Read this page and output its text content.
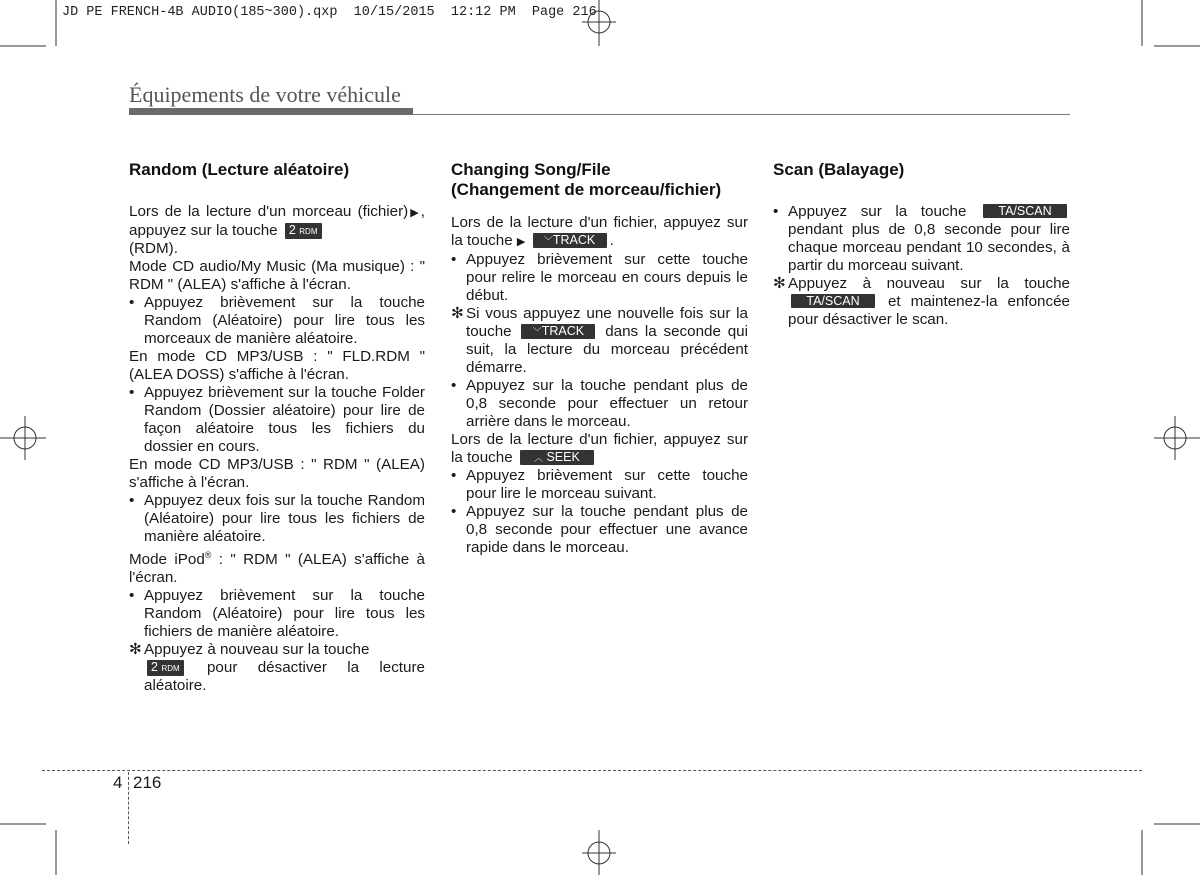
JD PE FRENCH-4B AUDIO(185~300).qxp  10/15/2015  12:12 PM  Page 216

Équipements de votre véhicule
Random (Lecture aléatoire)

Lors de la lecture d'un morceau (fichier)▶, appuyez sur la touche 2 RDM
(RDM).

Mode CD audio/My Music (Ma musique) : " RDM " (ALEA) s'affiche à l'écran.

• Appuyez brièvement sur la touche Random (Aléatoire) pour lire tous les morceaux de manière aléatoire.

En mode CD MP3/USB : " FLD.RDM " (ALEA DOSS) s'affiche à l'écran.

• Appuyez brièvement sur la touche Folder Random (Dossier aléatoire) pour lire de façon aléatoire tous les fichiers du dossier en cours.

En mode CD MP3/USB : " RDM " (ALEA) s'affiche à l'écran.

• Appuyez deux fois sur la touche Random (Aléatoire) pour lire tous les fichiers de manière aléatoire.

Mode iPod® : " RDM " (ALEA) s'affiche à l'écran.

• Appuyez brièvement sur la touche Random (Aléatoire) pour lire tous les fichiers de manière aléatoire.
✻ Appuyez à nouveau sur la touche
2 RDM pour désactiver la lecture aléatoire.
Changing Song/File
(Changement de morceau/fichier)

Lors de la lecture d'un fichier, appuyez sur la touche ▶ ﹀TRACK .

• Appuyez brièvement sur cette touche pour relire le morceau en cours depuis le début.
✻ Si vous appuyez une nouvelle fois sur la touche ﹀TRACK dans la seconde qui suit, la lecture du morceau précédent démarre.
• Appuyez sur la touche pendant plus de 0,8 seconde pour effectuer un retour arrière dans le morceau.

Lors de la lecture d'un fichier, appuyez sur la touche ︿ SEEK

• Appuyez brièvement sur cette touche pour lire le morceau suivant.
• Appuyez sur la touche pendant plus de 0,8 seconde pour effectuer une avance rapide dans le morceau.
Scan (Balayage)
• Appuyez sur la touche	TA/SCAN pendant plus de 0,8 seconde pour lire chaque morceau pendant 10 secondes, à partir du morceau suivant.
✻ Appuyez à nouveau sur la touche TA/SCAN et maintenez-la enfoncée pour désactiver le scan.
4 216
